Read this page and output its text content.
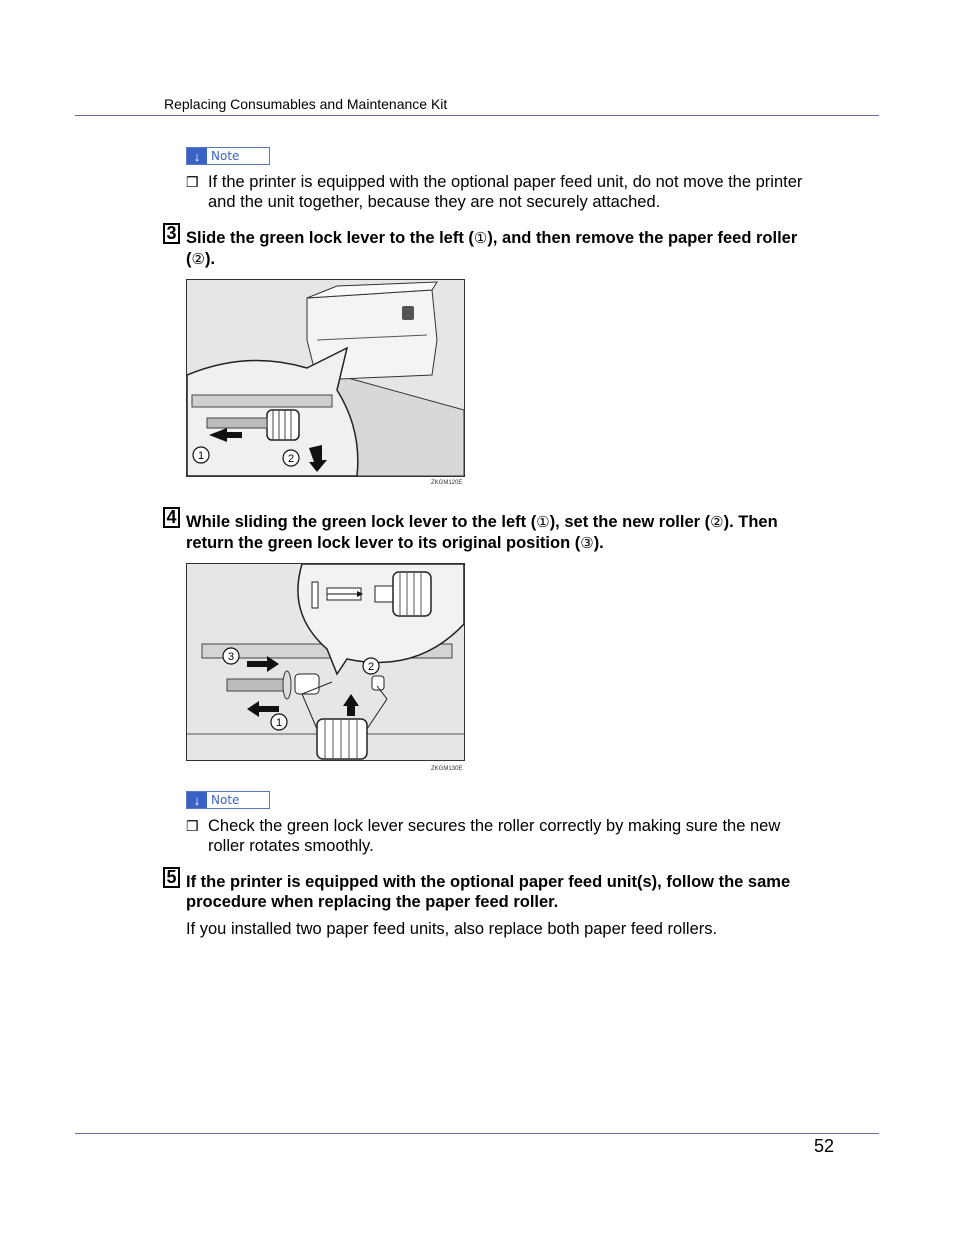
Replacing Consumables and Maintenance Kit
↓ Note
❒ If the printer is equipped with the optional paper feed unit, do not move the printer and the unit together, because they are not securely attached.
3 Slide the green lock lever to the left (①), and then remove the paper feed roller (②).
1	2
ZKGM120E
4 While sliding the green lock lever to the left (①), set the new roller (②). Then return the green lock lever to its original position (③).
3
2
1
ZKGM130E
↓ Note
❒ Check the green lock lever secures the roller correctly by making sure the new roller rotates smoothly.
5 If the printer is equipped with the optional paper feed unit(s), follow the same procedure when replacing the paper feed roller.
If you installed two paper feed units, also replace both paper feed rollers.
52
